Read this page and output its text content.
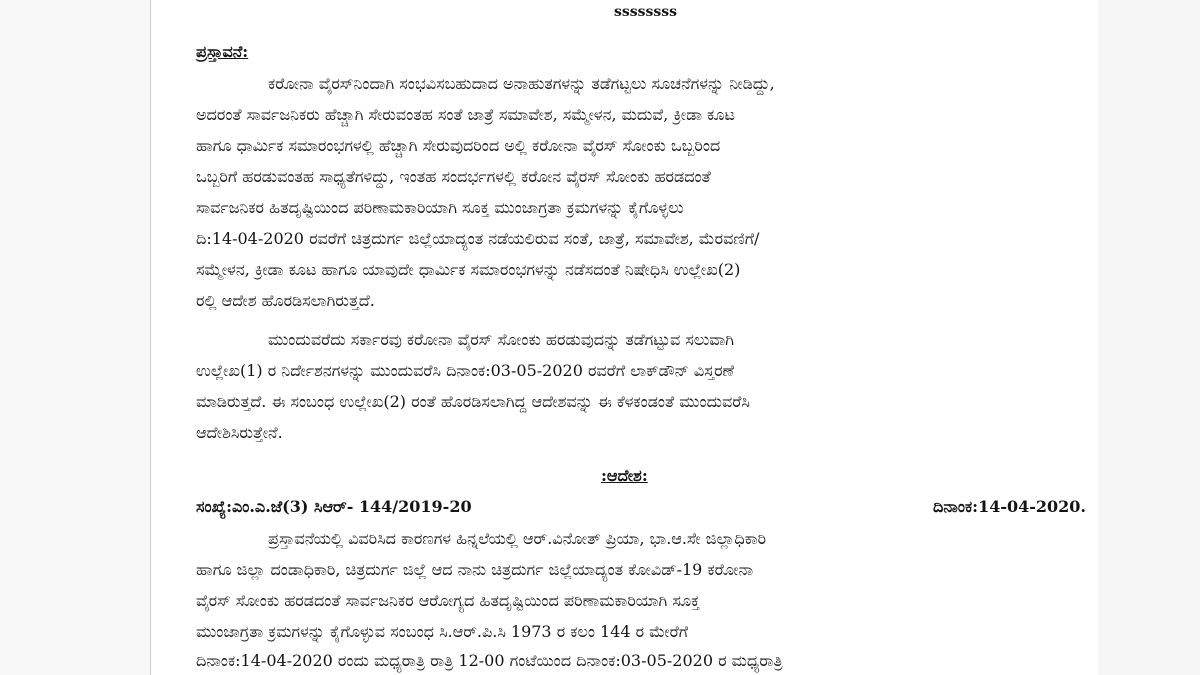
ssssssss
ಪ್ರಸ್ತಾವನೆ:
ಕರೋನಾ ವೈರಸ್‌ನಿಂದಾಗಿ ಸಂಭವಿಸಬಹುದಾದ ಅನಾಹುತಗಳನ್ನು ತಡೆಗಟ್ಟಲು ಸೂಚನೆಗಳನ್ನು ನೀಡಿದ್ದು,
ಅದರಂತೆ ಸಾರ್ವಜನಿಕರು ಹೆಚ್ಚಾಗಿ ಸೇರುವಂತಹ ಸಂತೆ ಜಾತ್ರೆ ಸಮಾವೇಶ, ಸಮ್ಮೇಳನ, ಮದುವೆ, ಕ್ರೀಡಾ ಕೂಟ
ಹಾಗೂ ಧಾರ್ಮಿಕ ಸಮಾರಂಭಗಳಲ್ಲಿ ಹೆಚ್ಚಾಗಿ ಸೇರುವುದರಿಂದ ಅಲ್ಲಿ ಕರೋನಾ ವೈರಸ್ ಸೋಂಕು ಒಬ್ಬರಿಂದ
ಒಬ್ಬರಿಗೆ ಹರಡುವಂತಹ ಸಾಧ್ಯತೆಗಳಿದ್ದು, ಇಂತಹ ಸಂದರ್ಭಗಳಲ್ಲಿ ಕರೋನ ವೈರಸ್ ಸೋಂಕು ಹರಡದಂತೆ
ಸಾರ್ವಜನಿಕರ ಹಿತದೃಷ್ಟಿಯಿಂದ ಪರಿಣಾಮಕಾರಿಯಾಗಿ ಸೂಕ್ತ ಮುಂಜಾಗ್ರತಾ ಕ್ರಮಗಳನ್ನು ಕೈಗೊಳ್ಳಲು
ದಿ:14-04-2020 ರವರೆಗೆ ಚಿತ್ರದುರ್ಗ ಜಿಲ್ಲೆಯಾದ್ಯಂತ ನಡೆಯಲಿರುವ ಸಂತೆ, ಜಾತ್ರೆ, ಸಮಾವೇಶ, ಮೆರವಣಿಗೆ/
ಸಮ್ಮೇಳನ, ಕ್ರೀಡಾ ಕೂಟ ಹಾಗೂ ಯಾವುದೇ ಧಾರ್ಮಿಕ ಸಮಾರಂಭಗಳನ್ನು ನಡೆಸದಂತೆ ನಿಷೇಧಿಸಿ ಉಲ್ಲೇಖ(2)
ರಲ್ಲಿ ಆದೇಶ ಹೊರಡಿಸಲಾಗಿರುತ್ತದೆ.
ಮುಂದುವರೆದು ಸರ್ಕಾರವು ಕರೋನಾ ವೈರಸ್ ಸೋಂಕು ಹರಡುವುದನ್ನು ತಡೆಗಟ್ಟುವ ಸಲುವಾಗಿ
ಉಲ್ಲೇಖ(1) ರ ನಿರ್ದೇಶನಗಳನ್ನು ಮುಂದುವರೆಸಿ ದಿನಾಂಕ:03-05-2020 ರವರೆಗೆ ಲಾಕ್‌ಡೌನ್ ವಿಸ್ತರಣೆ
ಮಾಡಿರುತ್ತದೆ. ಈ ಸಂಬಂಧ ಉಲ್ಲೇಖ(2) ರಂತೆ ಹೊರಡಿಸಲಾಗಿದ್ದ ಆದೇಶವನ್ನು ಈ ಕೆಳಕಂಡಂತೆ ಮುಂದುವರೆಸಿ
ಆದೇಶಿಸಿರುತ್ತೇನೆ.
:ಆದೇಶ:
ಸಂಖ್ಯೆ:ಎಂ.ಎ.ಜೆ(3) ಸಿಆರ್- 144/2019-20	ದಿನಾಂಕ:14-04-2020.
ಪ್ರಸ್ತಾವನೆಯಲ್ಲಿ ವಿವರಿಸಿದ ಕಾರಣಗಳ ಹಿನ್ನಲೆಯಲ್ಲಿ ಆರ್.ವಿನೋತ್ ಪ್ರಿಯಾ, ಭಾ.ಆ.ಸೇ ಜಿಲ್ಲಾಧಿಕಾರಿ
ಹಾಗೂ ಜಿಲ್ಲಾ ದಂಡಾಧಿಕಾರಿ, ಚಿತ್ರದುರ್ಗ ಜಿಲ್ಲೆ ಆದ ನಾನು ಚಿತ್ರದುರ್ಗ ಜಿಲ್ಲೆಯಾದ್ಯಂತ ಕೋವಿಡ್-19 ಕರೋನಾ
ವೈರಸ್ ಸೋಂಕು ಹರಡದಂತೆ ಸಾರ್ವಜನಿಕರ ಆರೋಗ್ಯದ ಹಿತದೃಷ್ಟಿಯಿಂದ ಪರಿಣಾಮಕಾರಿಯಾಗಿ ಸೂಕ್ತ
ಮುಂಜಾಗ್ರತಾ ಕ್ರಮಗಳನ್ನು ಕೈಗೊಳ್ಳುವ ಸಂಬಂಧ ಸಿ.ಆರ್.ಪಿ.ಸಿ 1973 ರ ಕಲಂ 144 ರ ಮೇರೆಗೆ
ದಿನಾಂಕ:14-04-2020 ರಂದು ಮಧ್ಯರಾತ್ರಿ ರಾತ್ರಿ 12-00 ಗಂಟೆಯಿಂದ ದಿನಾಂಕ:03-05-2020 ರ ಮಧ್ಯರಾತ್ರಿ
